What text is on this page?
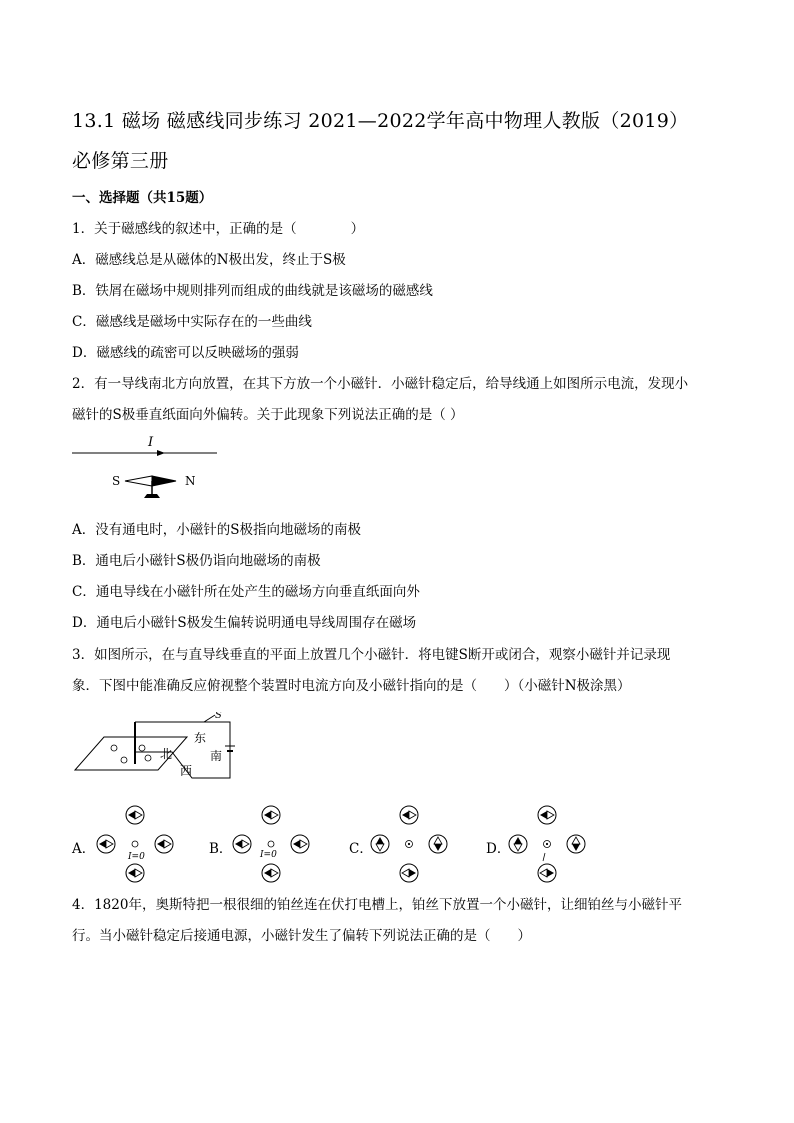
13.1 磁场 磁感线同步练习 2021—2022学年高中物理人教版（2019）
必修第三册
一、选择题（共15题）
1．关于磁感线的叙述中，正确的是（　　　　）
A．磁感线总是从磁体的N极出发，终止于S极
B．铁屑在磁场中规则排列而组成的曲线就是该磁场的磁感线
C．磁感线是磁场中实际存在的一些曲线
D．磁感线的疏密可以反映磁场的强弱
2．有一导线南北方向放置，在其下方放一个小磁针．小磁针稳定后，给导线通上如图所示电流，发现小
磁针的S极垂直纸面向外偏转。关于此现象下列说法正确的是（ ）
I
S	N
A．没有通电时，小磁针的S极指向地磁场的南极
B．通电后小磁针S极仍诣向地磁场的南极
C．通电导线在小磁针所在处产生的磁场方向垂直纸面向外
D．通电后小磁针S极发生偏转说明通电导线周围存在磁场
3．如图所示，在与直导线垂直的平面上放置几个小磁针．将电键S断开或闭合，观察小磁针并记录现
象．下图中能准确反应俯视整个装置时电流方向及小磁针指向的是（　　）（小磁针N极涂黑）
S
东
南
西
北
A．	I=0	B．	I=0	C．	D．
4．1820年，奥斯特把一根很细的铂丝连在伏打电槽上，铂丝下放置一个小磁针，让细铂丝与小磁针平
行。当小磁针稳定后接通电源，小磁针发生了偏转下列说法正确的是（　　）
